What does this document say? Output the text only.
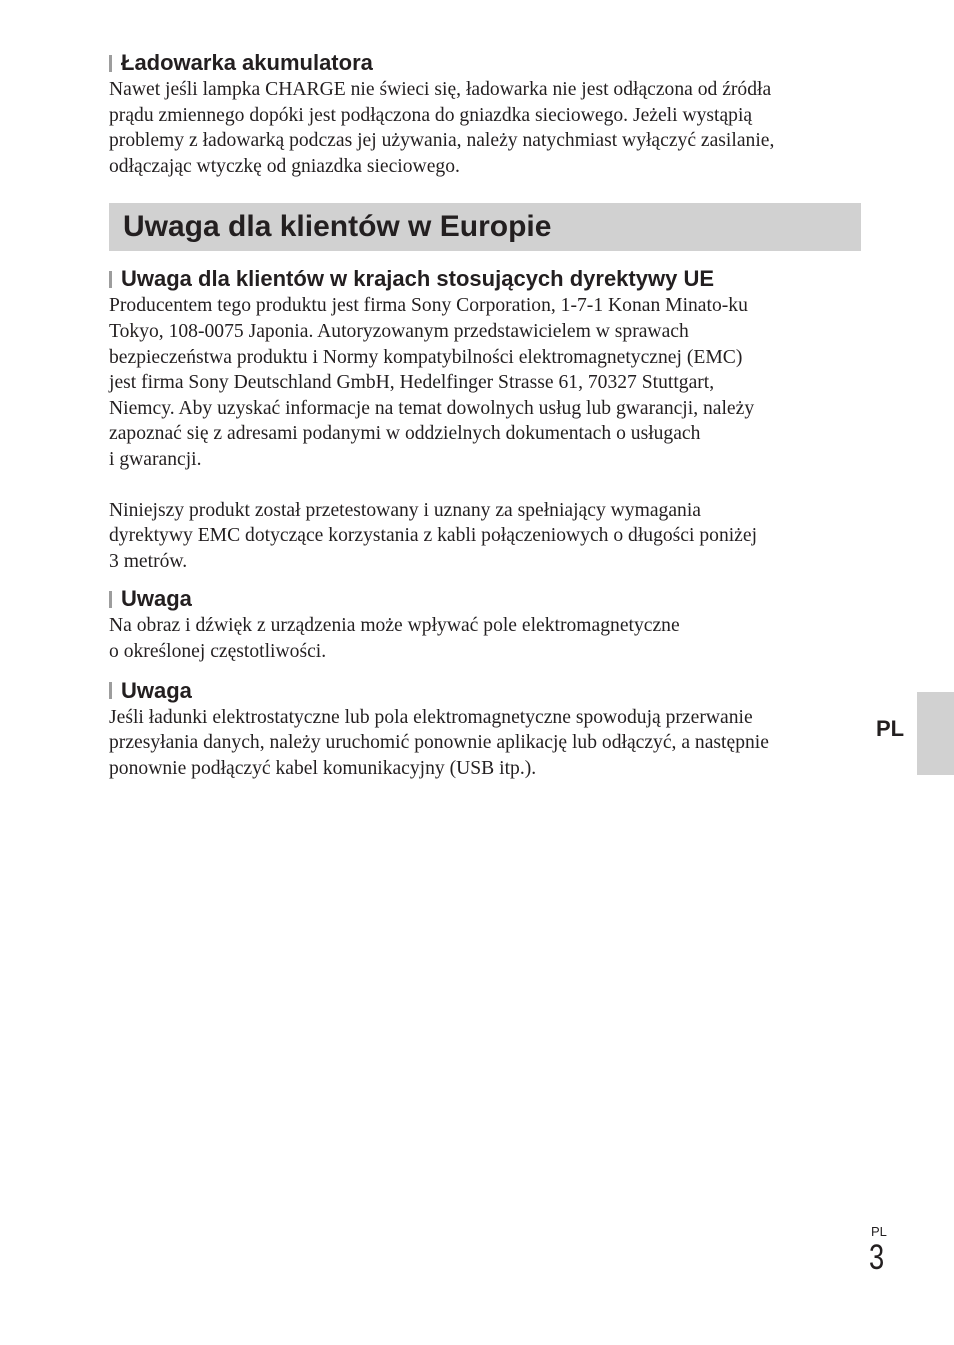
Ładowarka akumulatora

Nawet jeśli lampka CHARGE nie świeci się, ładowarka nie jest odłączona od źródła
prądu zmiennego dopóki jest podłączona do gniazdka sieciowego. Jeżeli wystąpią
problemy z ładowarką podczas jej używania, należy natychmiast wyłączyć zasilanie,
odłączając wtyczkę od gniazdka sieciowego.

Uwaga dla klientów w Europie
Uwaga dla klientów w krajach stosujących dyrektywy UE

Producentem tego produktu jest firma Sony Corporation, 1-7-1 Konan Minato-ku
Tokyo, 108-0075 Japonia. Autoryzowanym przedstawicielem w sprawach
bezpieczeństwa produktu i Normy kompatybilności elektromagnetycznej (EMC)
jest firma Sony Deutschland GmbH, Hedelfinger Strasse 61, 70327 Stuttgart,
Niemcy. Aby uzyskać informacje na temat dowolnych usług lub gwarancji, należy
zapoznać się z adresami podanymi w oddzielnych dokumentach o usługach
i gwarancji.

Niniejszy produkt został przetestowany i uznany za spełniający wymagania
dyrektywy EMC dotyczące korzystania z kabli połączeniowych o długości poniżej
3 metrów.

Uwaga

Na obraz i dźwięk z urządzenia może wpływać pole elektromagnetyczne
o określonej częstotliwości.

Uwaga

Jeśli ładunki elektrostatyczne lub pola elektromagnetyczne spowodują przerwanie
przesyłania danych, należy uruchomić ponownie aplikację lub odłączyć, a następnie
ponownie podłączyć kabel komunikacyjny (USB itp.).

PL
PL
3
